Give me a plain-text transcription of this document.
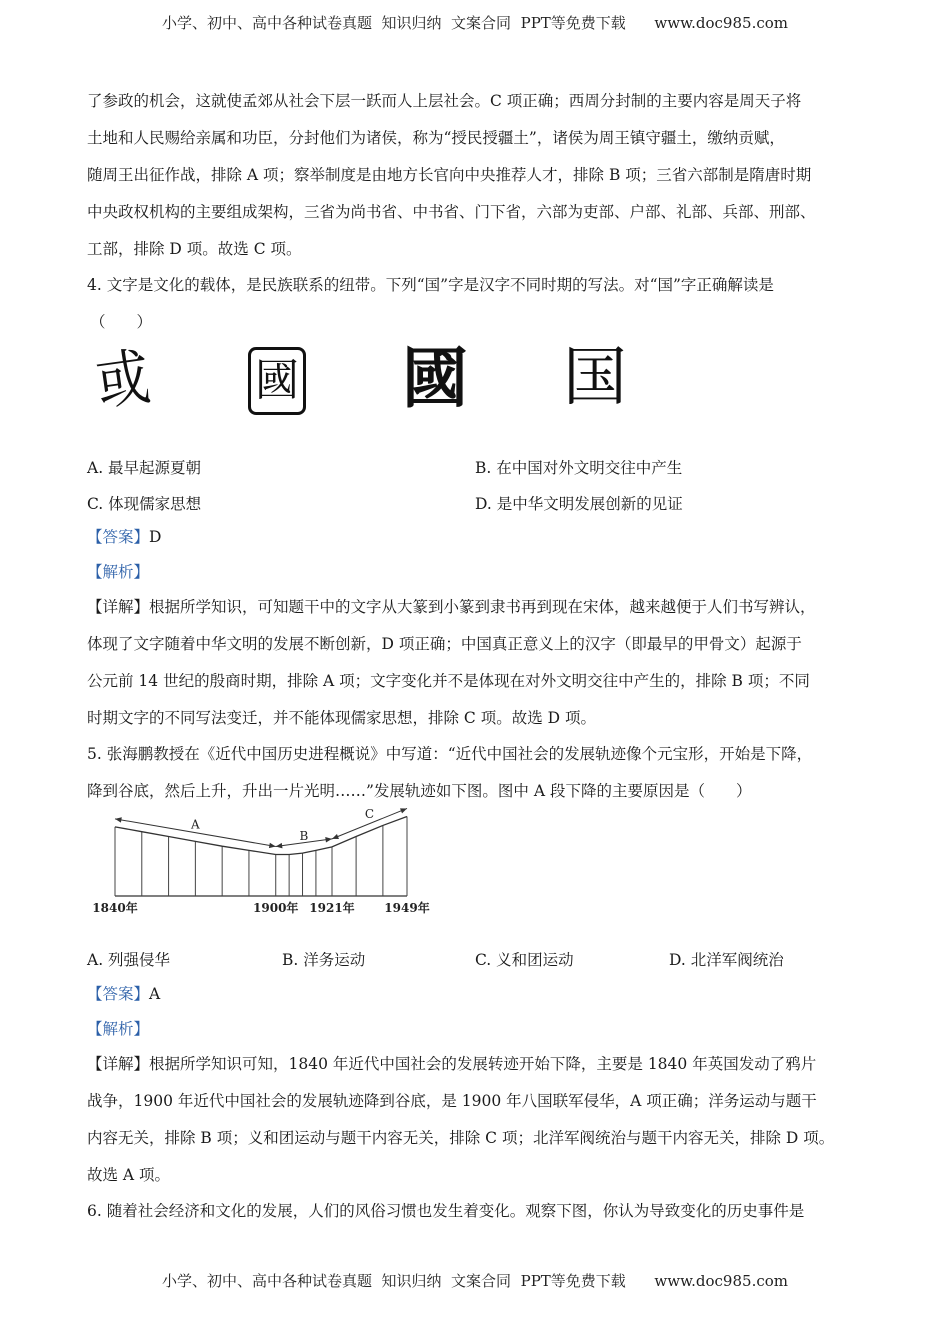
小学、初中、高中各种试卷真题  知识归纳  文案合同  PPT等免费下载      www.doc985.com
了参政的机会，这就使孟郊从社会下层一跃而人上层社会。C 项正确；西周分封制的主要内容是周天子将
土地和人民赐给亲属和功臣，分封他们为诸侯，称为“授民授疆土”，诸侯为周王镇守疆土，缴纳贡赋，
随周王出征作战，排除 A 项；察举制度是由地方长官向中央推荐人才，排除 B 项；三省六部制是隋唐时期
中央政权机构的主要组成架构，三省为尚书省、中书省、门下省，六部为吏部、户部、礼部、兵部、刑部、
工部，排除 D 项。故选 C 项。
4. 文字是文化的载体，是民族联系的纽带。下列“国”字是汉字不同时期的写法。对“国”字正确解读是
（　　）
或 國 國 国
A. 最早起源夏朝	B. 在中国对外文明交往中产生
C. 体现儒家思想	D. 是中华文明发展创新的见证
【答案】D
【解析】
【详解】根据所学知识，可知题干中的文字从大篆到小篆到隶书再到现在宋体，越来越便于人们书写辨认，
体现了文字随着中华文明的发展不断创新，D 项正确；中国真正意义上的汉字（即最早的甲骨文）起源于
公元前 14 世纪的殷商时期，排除 A 项；文字变化并不是体现在对外文明交往中产生的，排除 B 项；不同
时期文字的不同写法变迁，并不能体现儒家思想，排除 C 项。故选 D 项。
5. 张海鹏教授在《近代中国历史进程概说》中写道：“近代中国社会的发展轨迹像个元宝形，开始是下降，
降到谷底，然后上升，升出一片光明……”发展轨迹如下图。图中 A 段下降的主要原因是（　　）
1840年	1900年 1921年 1949年
A
B
C
A. 列强侵华	B. 洋务运动	C. 义和团运动	D. 北洋军阀统治
【答案】A
【解析】
【详解】根据所学知识可知，1840 年近代中国社会的发展转迹开始下降，主要是 1840 年英国发动了鸦片
战争，1900 年近代中国社会的发展轨迹降到谷底，是 1900 年八国联军侵华，A 项正确；洋务运动与题干
内容无关，排除 B 项；义和团运动与题干内容无关，排除 C 项；北洋军阀统治与题干内容无关，排除 D 项。
故选 A 项。
6. 随着社会经济和文化的发展，人们的风俗习惯也发生着变化。观察下图，你认为导致变化的历史事件是
小学、初中、高中各种试卷真题  知识归纳  文案合同  PPT等免费下载      www.doc985.com
